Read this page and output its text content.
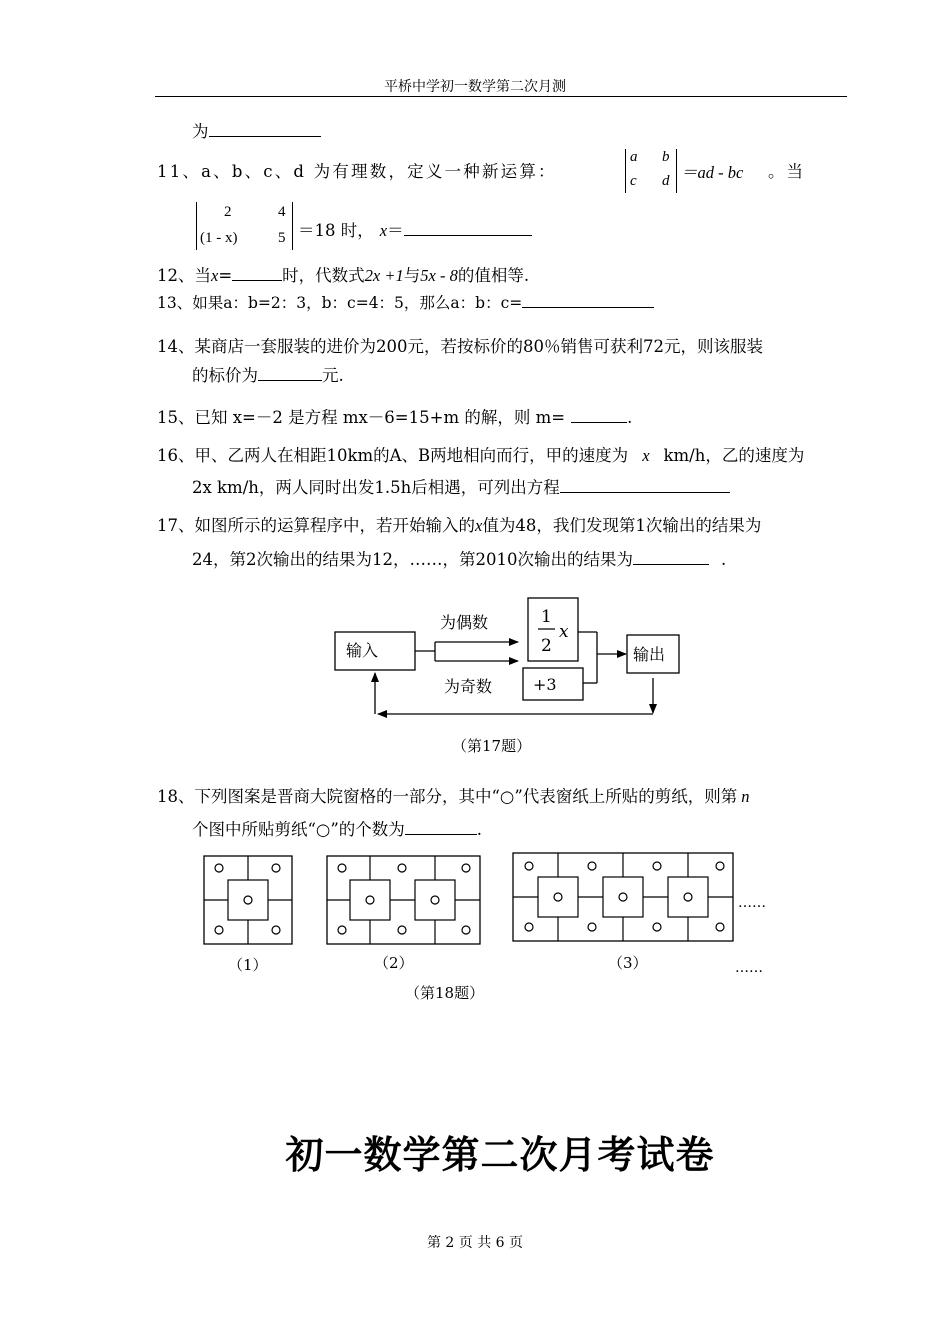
平桥中学初一数学第二次月测
为
11、a、b、c、d 为有理数，定义一种新运算：
a b
c d ＝ad - bc 。当
2	4
(1 - x)	5 ＝18 时， x＝
12、当x=	时，代数式2x +1与5x - 8的值相等.
13、如果a：b=2：3，b：c=4：5，那么a：b：c=
14、某商店一套服装的进价为200元，若按标价的80％销售可获利72元，则该服装
的标价为	元.
15、已知 x=－2 是方程 mx－6=15+m 的解，则 m=	.
16、甲、乙两人在相距10km的A、B两地相向而行，甲的速度为 x km/h，乙的速度为
2x km/h，两人同时出发1.5h后相遇，可列出方程
17、如图所示的运算程序中，若开始输入的x值为48，我们发现第1次输出的结果为
24，第2次输出的结果为12，……，第2010次输出的结果为	.
输入
为偶数
为奇数
1
2
x
+3
输出
（第17题）
……
（1）	（2）	（3）	……
（第18题）
18、下列图案是晋商大院窗格的一部分，其中“○”代表窗纸上所贴的剪纸，则第 n
个图中所贴剪纸“○”的个数为	.
初一数学第二次月考试卷
第 2 页 共 6 页
